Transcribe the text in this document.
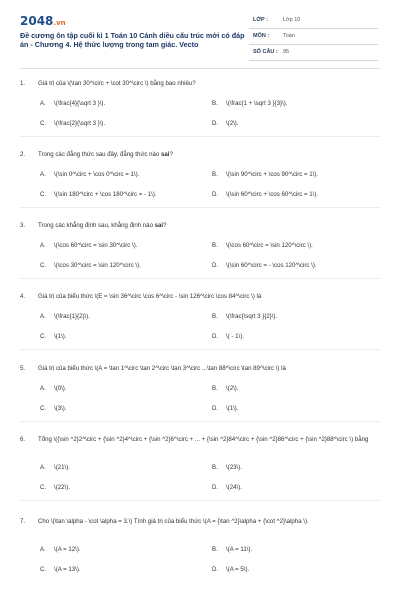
2048.vn
Đề cương ôn tập cuối kì 1 Toán 10 Cánh diều cấu trúc mới có đáp án - Chương 4. Hệ thức lượng trong tam giác. Vecto
LỚP :	Lớp 10
MÔN :	Toán
SỐ CÂU : 95
1.	Giá trị của \(\tan 30^\circ + \cot 30^\circ \) bằng bao nhiêu?
A. \(\frac{4}{\sqrt 3 }\).	B. \(\frac{1 + \sqrt 3 }{3}\).
C. \(\frac{2}{\sqrt 3 }\).	D. \(2\).
2.	Trong các đẳng thức sau đây, đẳng thức nào sai?
A. \(\sin 0^\circ + \cos 0^\circ = 1\).	B. \(\sin 90^\circ + \cos 90^\circ = 1\).
C. \(\sin 180^\circ + \cos 180^\circ = - 1\).	D. \(\sin 60^\circ + \cos 60^\circ = 1\).
3.	Trong các khẳng định sau, khẳng định nào sai?
A. \(\cos 60^\circ = \sin 30^\circ \).	B. \(\cos 60^\circ = \sin 120^\circ \).
C. \(\cos 30^\circ = \sin 120^\circ \).	D. \(\sin 60^\circ = - \cos 120^\circ \).
4.	Giá trị của biểu thức \(E = \sin 36^\circ \cos 6^\circ - \sin 126^\circ \cos 84^\circ \) là
A. \(\frac{1}{2}\).	B. \(\frac{\sqrt 3 }{2}\).
C. \(1\).	D. \( - 1\).
5.	Giá trị của biểu thức \(A = \tan 1^\circ \tan 2^\circ \tan 3^\circ ...\tan 88^\circ \tan 89^\circ \) là
A. \(0\).	B. \(2\).
C. \(3\).	D. \(1\).
6.	Tổng \({\sin ^2}2^\circ + {\sin ^2}4^\circ + {\sin ^2}6^\circ + ... + {\sin ^2}84^\circ + {\sin ^2}86^\circ + {\sin ^2}88^\circ \) bằng
A. \(21\).	B. \(23\).
C. \(22\).	D. \(24\).
7.	Cho \(\tan \alpha - \cot \alpha = 3.\) Tính giá trị của biểu thức \(A = {\tan ^2}\alpha + {\cot ^2}\alpha \).
A. \(A = 12\).	B. \(A = 11\).
C. \(A = 13\).	D. \(A = 5\).
